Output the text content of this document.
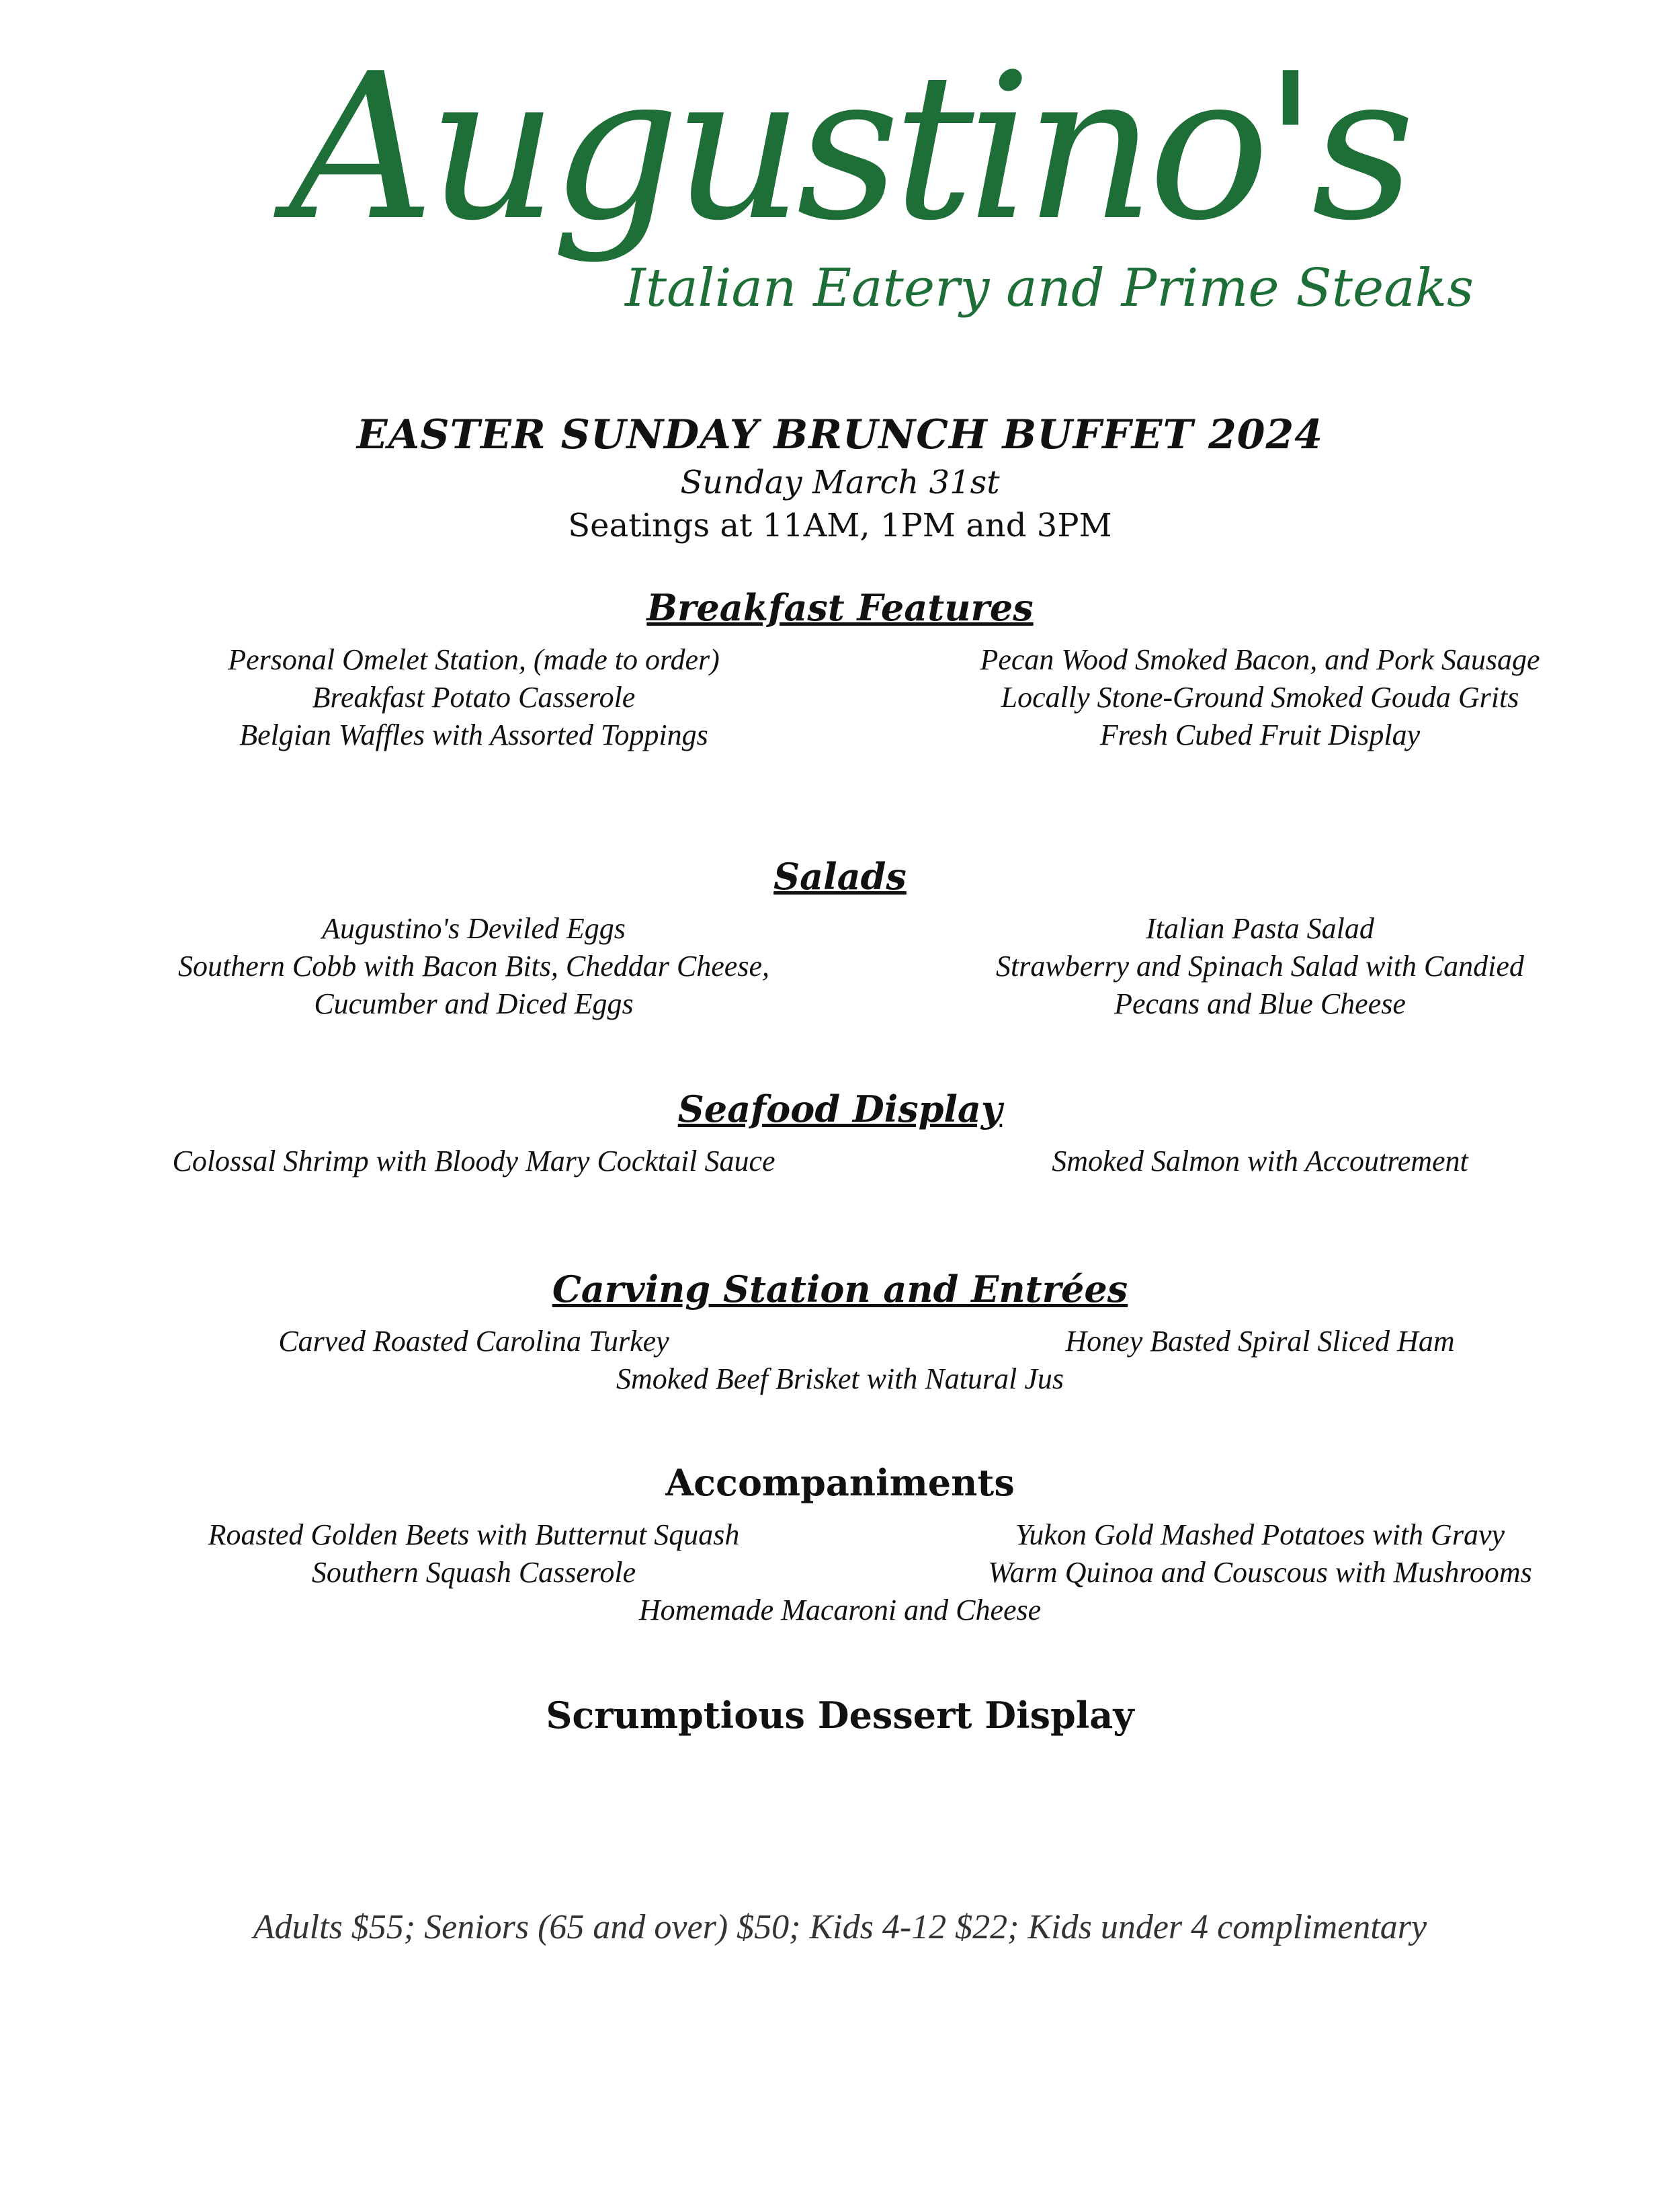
Augustino's
Italian Eatery and Prime Steaks
EASTER SUNDAY BRUNCH BUFFET 2024
Sunday March 31st
Seatings at 11AM, 1PM and 3PM
Breakfast Features
Personal Omelet Station, (made to order)
Breakfast Potato Casserole
Belgian Waffles with Assorted Toppings
Pecan Wood Smoked Bacon, and Pork Sausage
Locally Stone-Ground Smoked Gouda Grits
Fresh Cubed Fruit Display
Salads
Augustino's Deviled Eggs
Southern Cobb with Bacon Bits, Cheddar Cheese,
Cucumber and Diced Eggs
Italian Pasta Salad
Strawberry and Spinach Salad with Candied
Pecans and Blue Cheese
Seafood Display
Colossal Shrimp with Bloody Mary Cocktail Sauce	Smoked Salmon with Accoutrement
Carving Station and Entrées
Carved Roasted Carolina Turkey	Honey Basted Spiral Sliced Ham
Smoked Beef Brisket with Natural Jus
Accompaniments
Roasted Golden Beets with Butternut Squash
Southern Squash Casserole
Yukon Gold Mashed Potatoes with Gravy
Warm Quinoa and Couscous with Mushrooms
Homemade Macaroni and Cheese
Scrumptious Dessert Display
Adults $55; Seniors (65 and over) $50; Kids 4-12 $22; Kids under 4 complimentary
